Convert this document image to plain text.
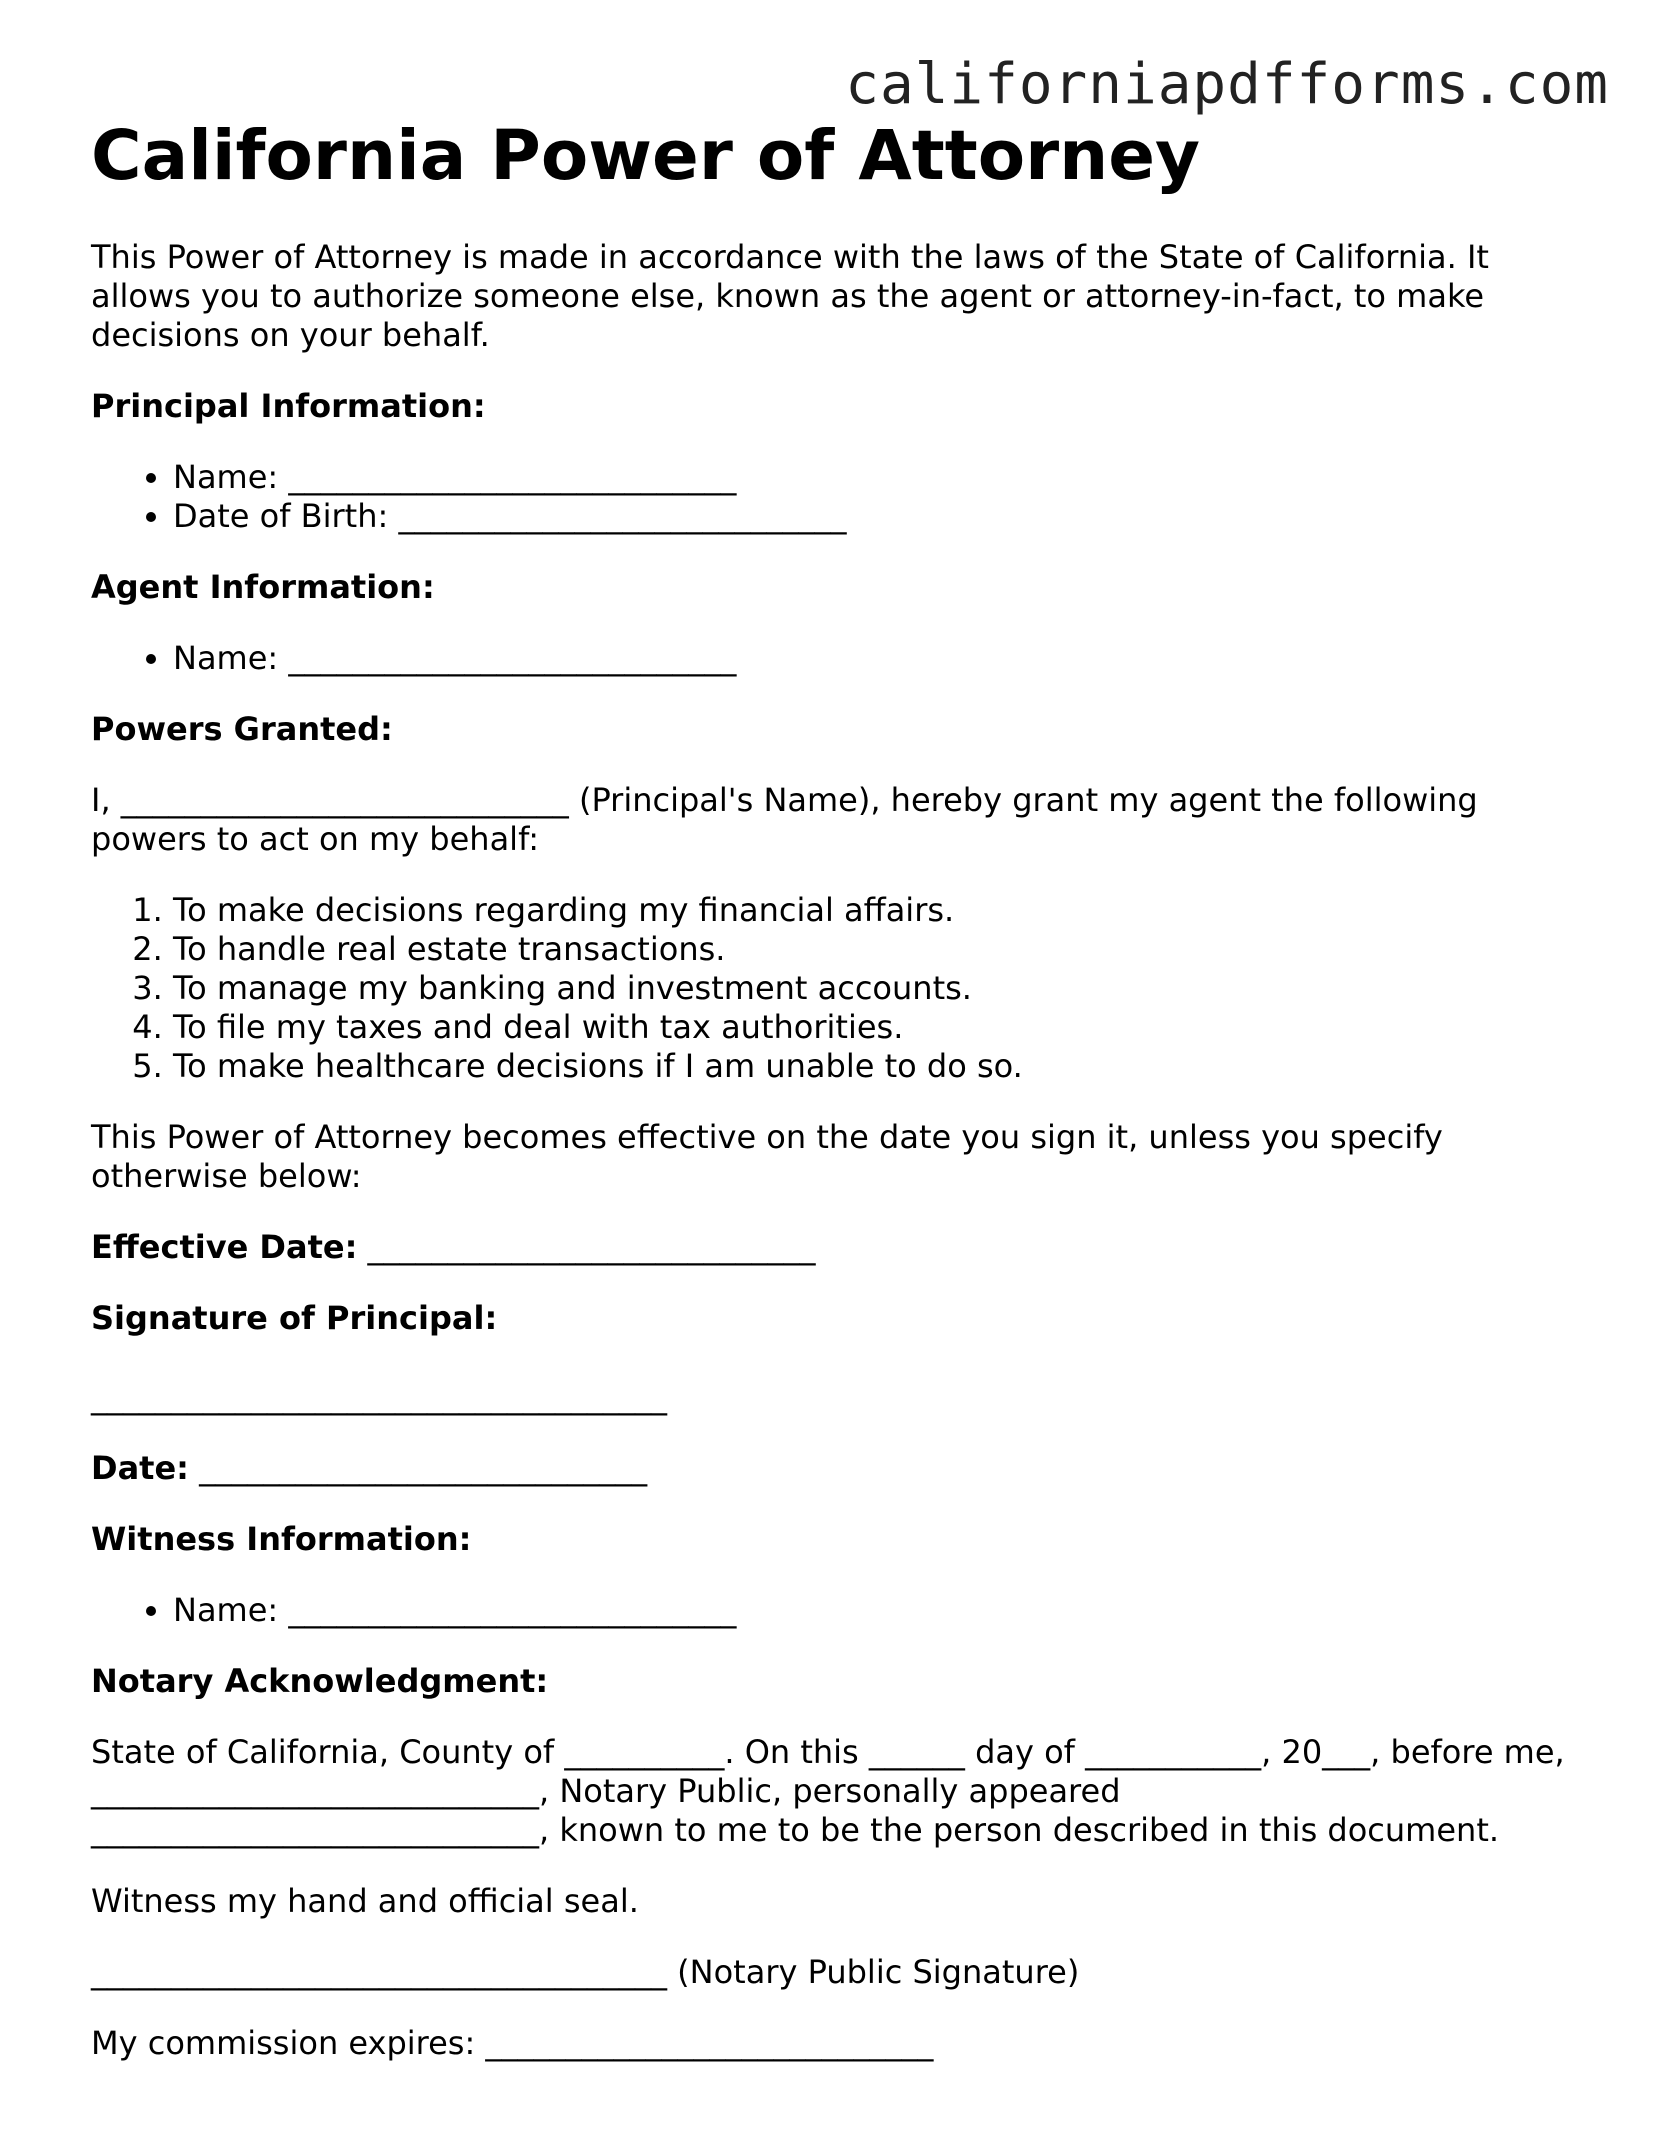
californiapdfforms.com
California Power of Attorney

This Power of Attorney is made in accordance with the laws of the State of California. It allows you to authorize someone else, known as the agent or attorney-in-fact, to make decisions on your behalf.

Principal Information:
• Name: ____________________________
• Date of Birth: ____________________________
Agent Information:
• Name: ____________________________
Powers Granted:

I, ____________________________ (Principal's Name), hereby grant my agent the following powers to act on my behalf:

1. To make decisions regarding my financial affairs.
2. To handle real estate transactions.
3. To manage my banking and investment accounts.
4. To file my taxes and deal with tax authorities.
5. To make healthcare decisions if I am unable to do so.

This Power of Attorney becomes effective on the date you sign it, unless you specify otherwise below:

Effective Date: ____________________________

Signature of Principal:
____________________________________

Date: ____________________________

Witness Information:
• Name: ____________________________
Notary Acknowledgment:

State of California, County of __________. On this ______ day of ___________, 20___, before me, ____________________________, Notary Public, personally appeared ____________________________, known to me to be the person described in this document.

Witness my hand and official seal.

____________________________________ (Notary Public Signature)

My commission expires: ____________________________
